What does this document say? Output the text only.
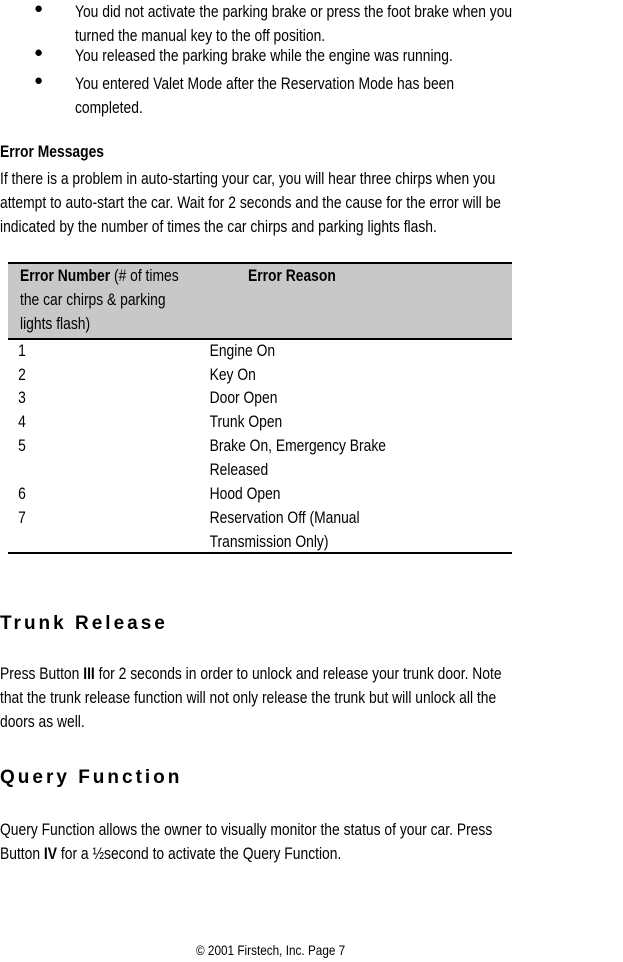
● You did not activate the parking brake or press the foot brake when you
turned the manual key to the off position.
● You released the parking brake while the engine was running.
● You entered Valet Mode after the Reservation Mode has been
completed.
Error Messages
If there is a problem in auto-starting your car, you will hear three chirps when you
attempt to auto-start the car. Wait for 2 seconds and the cause for the error will be
indicated by the number of times the car chirps and parking lights flash.
Error Number (# of times
the car chirps & parking
lights flash)
Error Reason
1	Engine On
2	Key On
3	Door Open
4	Trunk Open
5	Brake On, Emergency Brake
Released
6	Hood Open
7	Reservation Off (Manual
Transmission Only)
Trunk Release
Press Button III for 2 seconds in order to unlock and release your trunk door. Note
that the trunk release function will not only release the trunk but will unlock all the
doors as well.
Query Function
Query Function allows the owner to visually monitor the status of your car. Press
Button IV for a ½second to activate the Query Function.
© 2001 Firstech, Inc. Page 7
